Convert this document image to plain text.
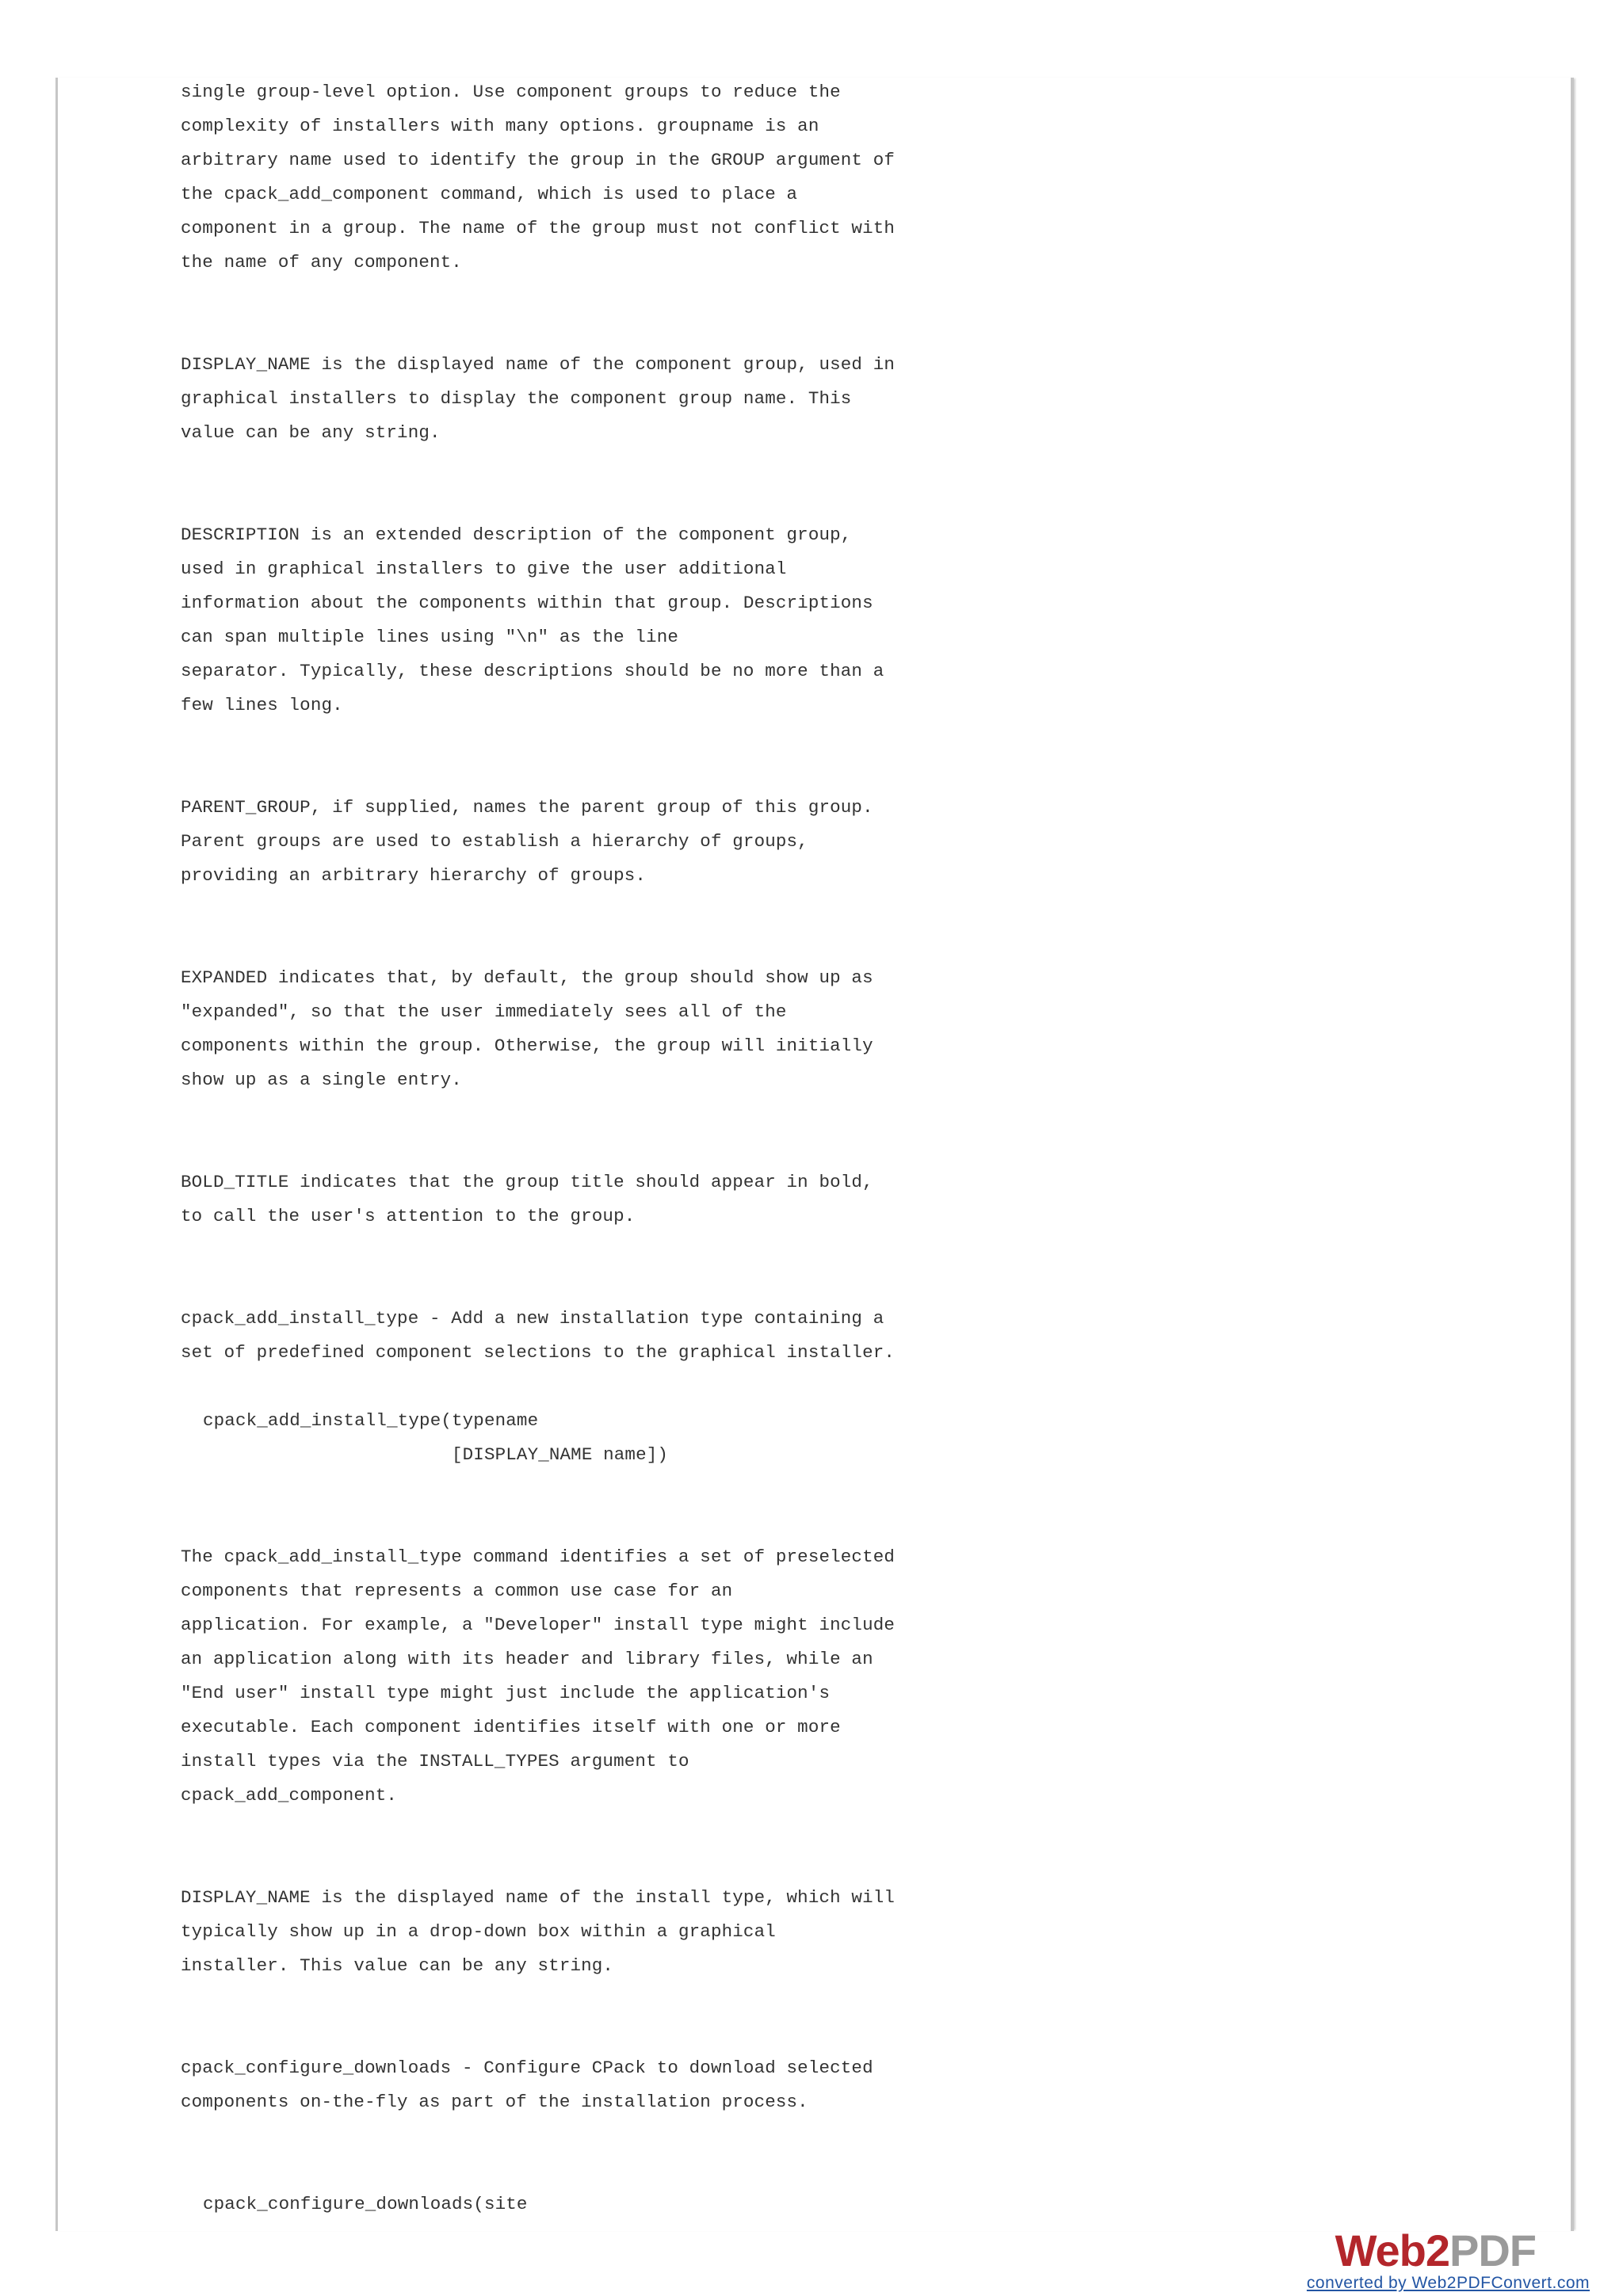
single group-level option. Use component groups to reduce the
complexity of installers with many options. groupname is an
arbitrary name used to identify the group in the GROUP argument of
the cpack_add_component command, which is used to place a
component in a group. The name of the group must not conflict with
the name of any component.
DISPLAY_NAME is the displayed name of the component group, used in
graphical installers to display the component group name. This
value can be any string.
DESCRIPTION is an extended description of the component group,
used in graphical installers to give the user additional
information about the components within that group. Descriptions
can span multiple lines using "\n" as the line
separator. Typically, these descriptions should be no more than a
few lines long.
PARENT_GROUP, if supplied, names the parent group of this group.
Parent groups are used to establish a hierarchy of groups,
providing an arbitrary hierarchy of groups.
EXPANDED indicates that, by default, the group should show up as
"expanded", so that the user immediately sees all of the
components within the group. Otherwise, the group will initially
show up as a single entry.
BOLD_TITLE indicates that the group title should appear in bold,
to call the user's attention to the group.
cpack_add_install_type - Add a new installation type containing a
set of predefined component selections to the graphical installer.
cpack_add_install_type(typename
[DISPLAY_NAME name])
The cpack_add_install_type command identifies a set of preselected
components that represents a common use case for an
application. For example, a "Developer" install type might include
an application along with its header and library files, while an
"End user" install type might just include the application's
executable. Each component identifies itself with one or more
install types via the INSTALL_TYPES argument to
cpack_add_component.
DISPLAY_NAME is the displayed name of the install type, which will
typically show up in a drop-down box within a graphical
installer. This value can be any string.
cpack_configure_downloads - Configure CPack to download selected
components on-the-fly as part of the installation process.
cpack_configure_downloads(site
Web2PDF
converted by Web2PDFConvert.com
